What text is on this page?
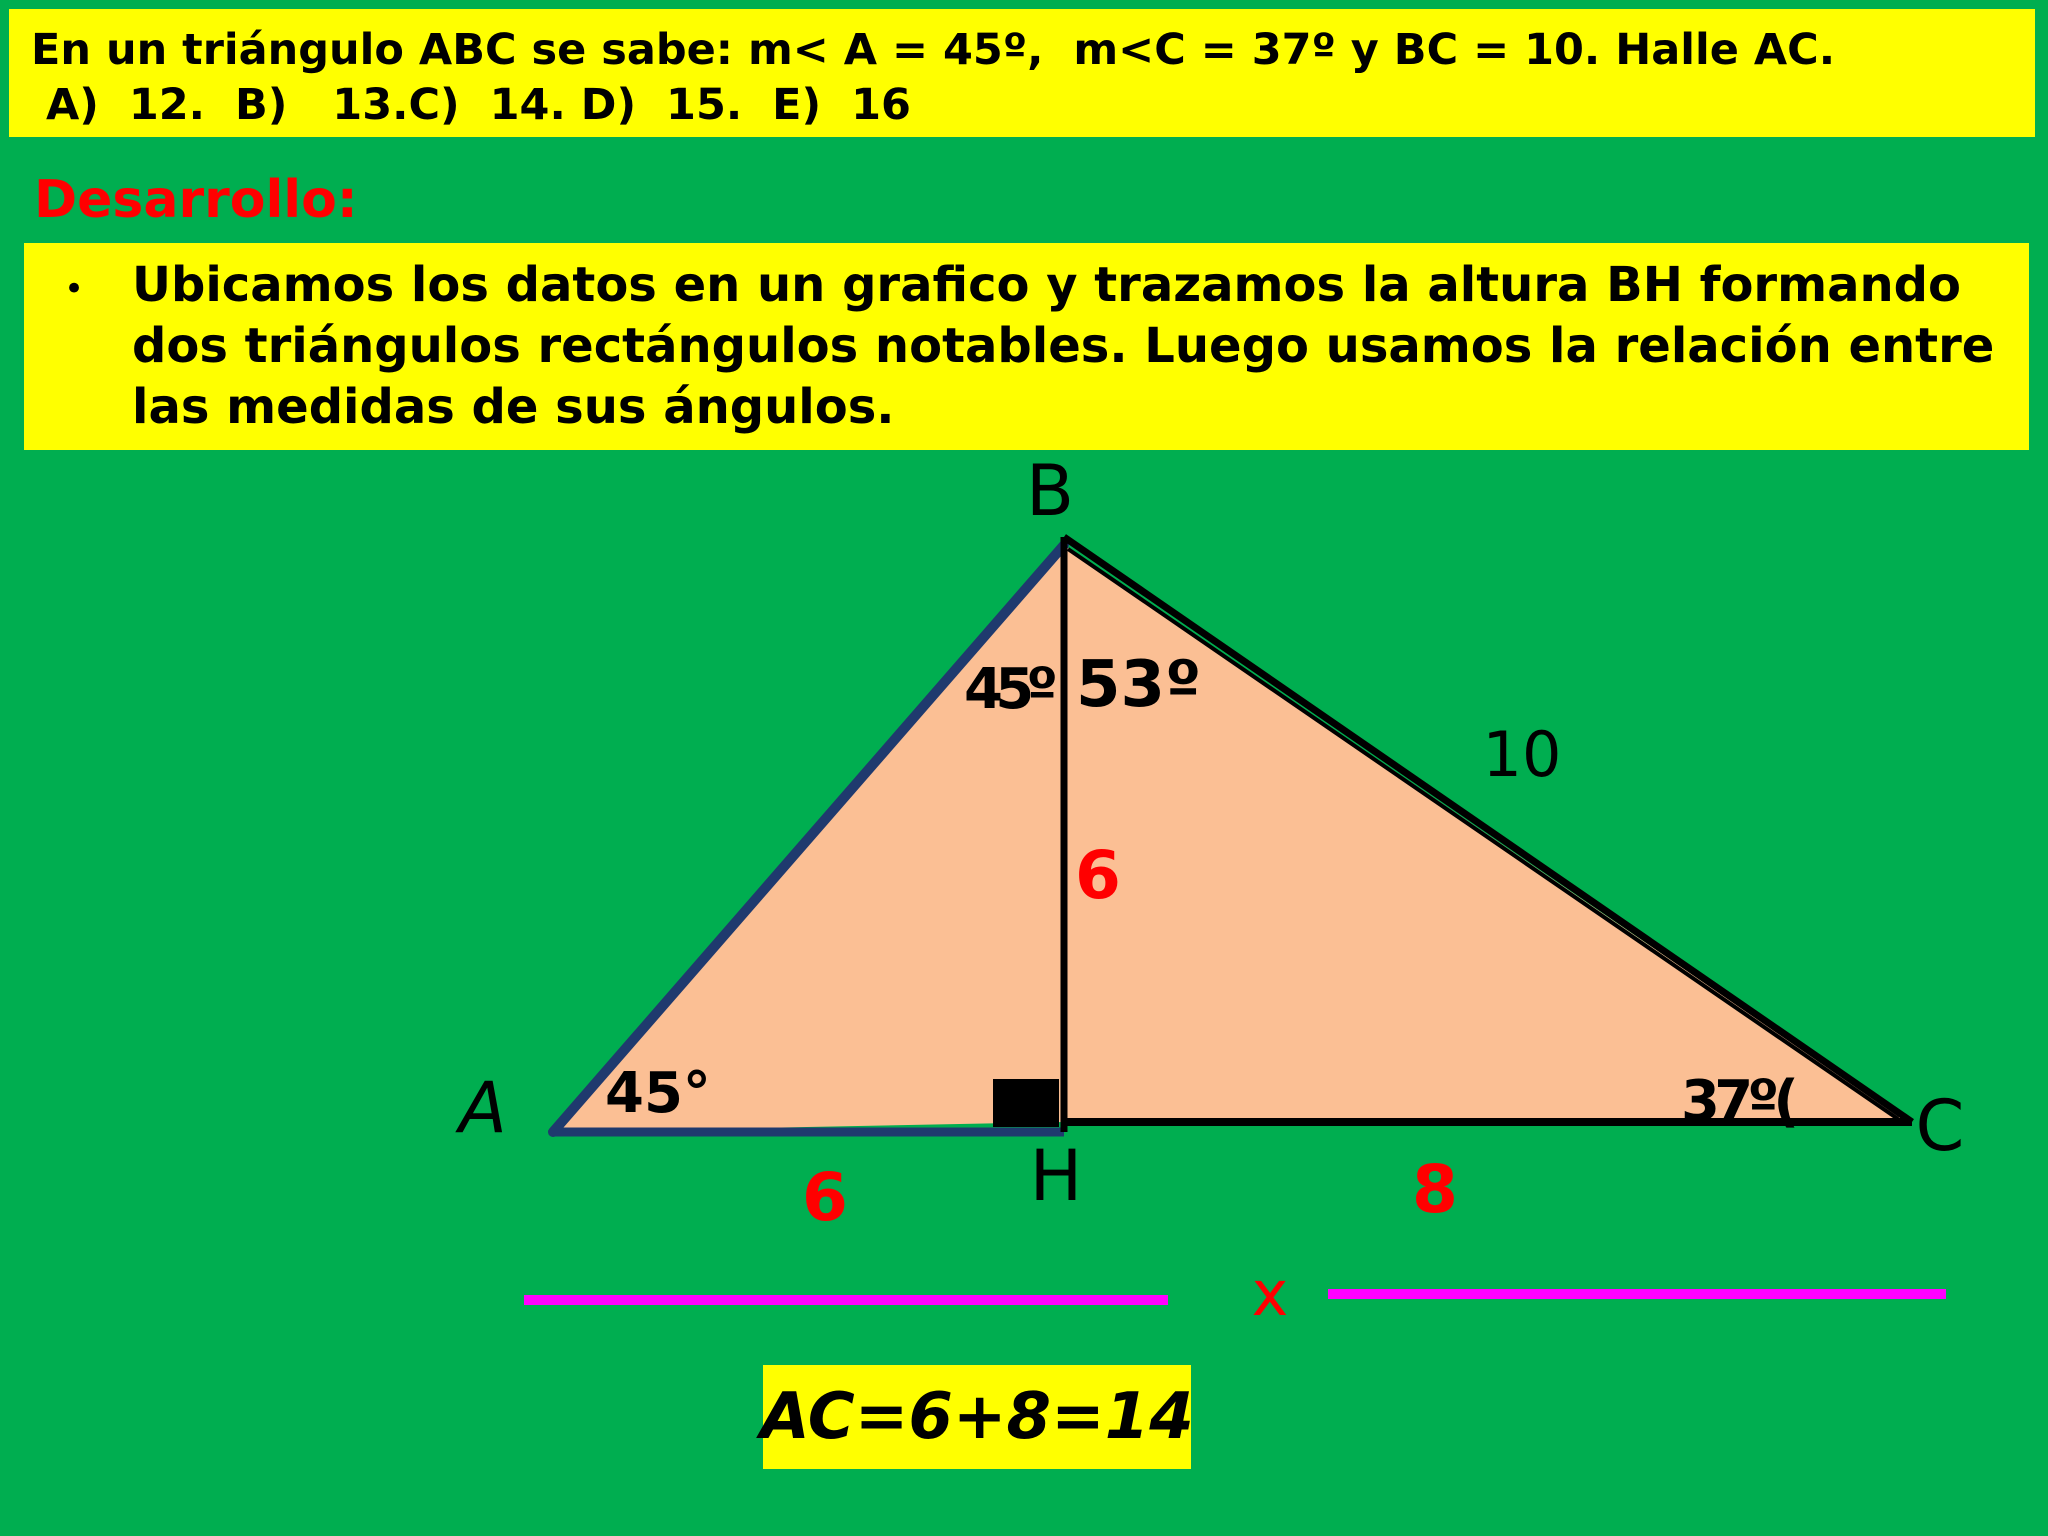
En un triángulo ABC se sabe: m< A = 45º,  m<C = 37º y BC = 10. Halle AC.

A)  12.  B)   13.C)  14. D)  15.  E)  16

Desarrollo:
• Ubicamos los datos en un grafico y trazamos la altura BH formando dos triángulos rectángulos notables. Luego usamos la relación entre las medidas de sus ángulos.
B
A	C
H
45°
45º 53º
37º(
10
6
6	8
x
AC=6+8=14
